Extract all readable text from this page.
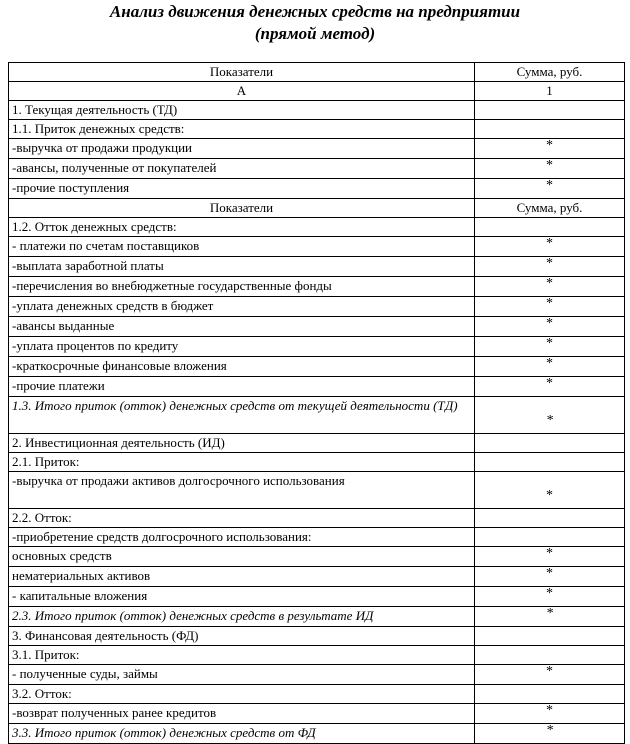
Анализ движения денежных средств на предприятии
(прямой метод)
Показатели	Сумма, руб.
А	1
1. Текущая деятельность (ТД)	
1.1. Приток денежных средств:	
-выручка от продажи продукции	*
-авансы, полученные от покупателей	*
-прочие поступления	*
Показатели	Сумма, руб.
1.2. Отток денежных средств:	
- платежи по счетам поставщиков	*
-выплата заработной платы	*
-перечисления во внебюджетные государственные фонды	*
-уплата денежных средств в бюджет	*
-авансы выданные	*
-уплата процентов по кредиту	*
-краткосрочные финансовые вложения	*
-прочие платежи	*
1.3. Итого приток (отток) денежных средств от текущей деятельности (ТД)	*
2. Инвестиционная деятельность (ИД)	
2.1. Приток:	
-выручка от продажи активов долгосрочного использования	*
2.2. Отток:	
-приобретение средств долгосрочного использования:	
основных средств	*
нематериальных активов	*
- капитальные вложения	*
2.3. Итого приток (отток) денежных средств в результате ИД	*
3. Финансовая деятельность (ФД)	
3.1. Приток:	
- полученные суды, займы	*
3.2. Отток:	
-возврат полученных ранее кредитов	*
3.3. Итого приток (отток) денежных средств от ФД	*
